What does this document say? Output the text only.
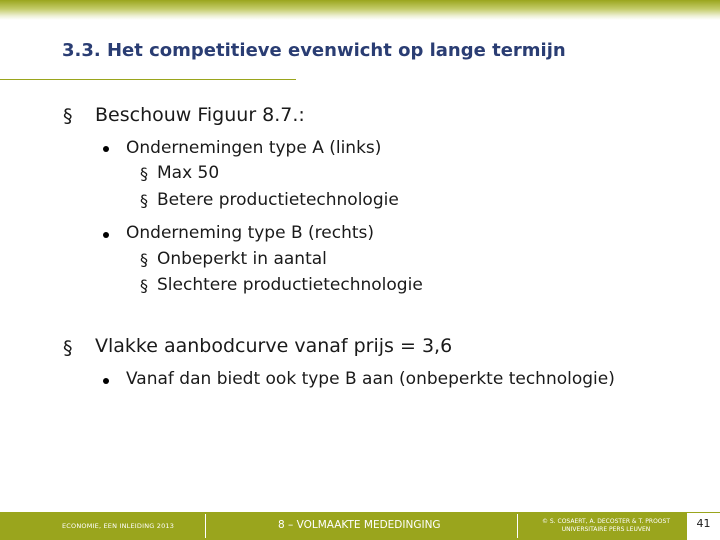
3.3. Het competitieve evenwicht op lange termijn
§ Beschouw Figuur 8.7.:
Ondernemingen type A (links)
§ Max 50
§ Betere productietechnologie
Onderneming type B (rechts)
§ Onbeperkt in aantal
§ Slechtere productietechnologie
§ Vlakke aanbodcurve vanaf prijs = 3,6
Vanaf dan biedt ook type B aan (onbeperkte technologie)
ECONOMIE, EEN INLEIDING 2013	8 – VOLMAAKTE MEDEDINGING	© S. COSAERT, A. DECOSTER & T. PROOST
UNIVERSITAIRE PERS LEUVEN	41
